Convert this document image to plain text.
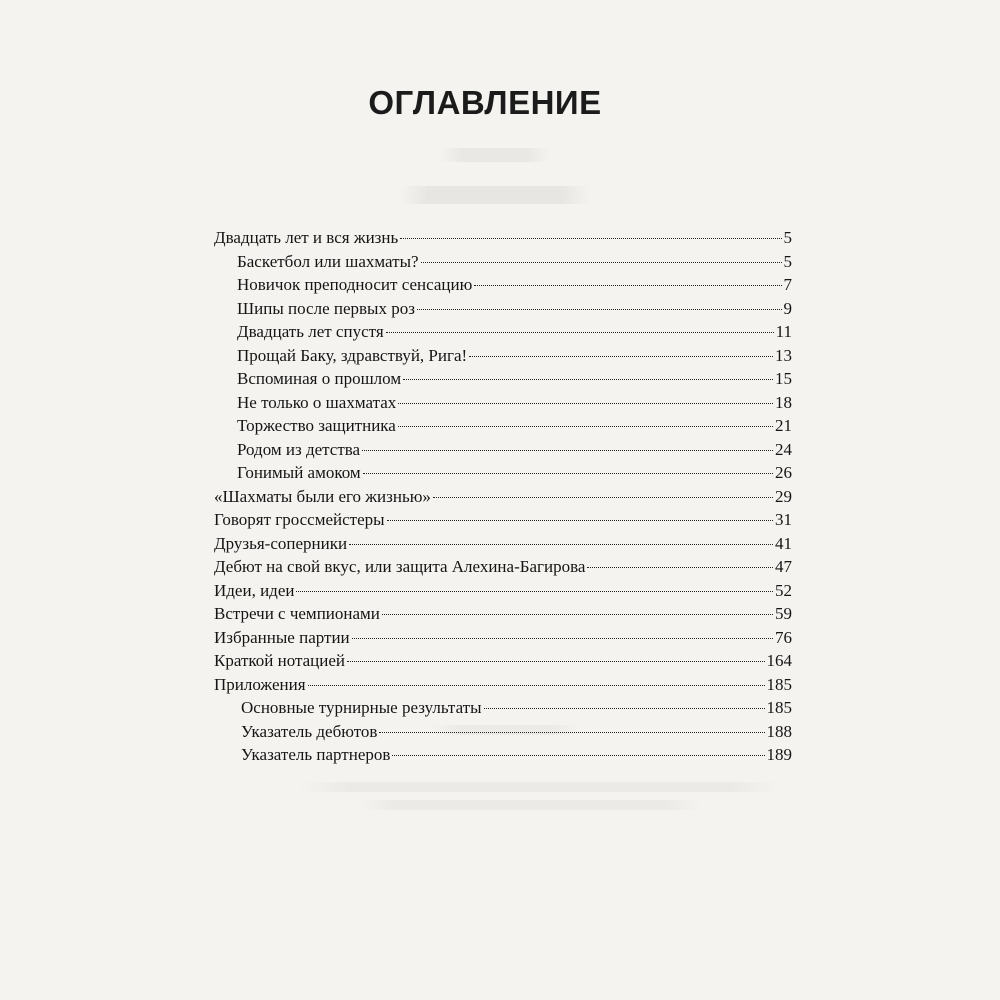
ОГЛАВЛЕНИЕ
Двадцать лет и вся жизнь	5
Баскетбол или шахматы?	5
Новичок преподносит сенсацию	7
Шипы после первых роз	9
Двадцать лет спустя	11
Прощай Баку, здравствуй, Рига!	13
Вспоминая о прошлом	15
Не только о шахматах	18
Торжество защитника	21
Родом из детства	24
Гонимый амоком	26
«Шахматы были его жизнью»	29
Говорят гроссмейстеры	31
Друзья-соперники	41
Дебют на свой вкус, или защита Алехина-Багирова	47
Идеи, идеи	52
Встречи с чемпионами	59
Избранные партии	76
Краткой нотацией	164
Приложения	185
Основные турнирные результаты	185
Указатель дебютов	188
Указатель партнеров	189
